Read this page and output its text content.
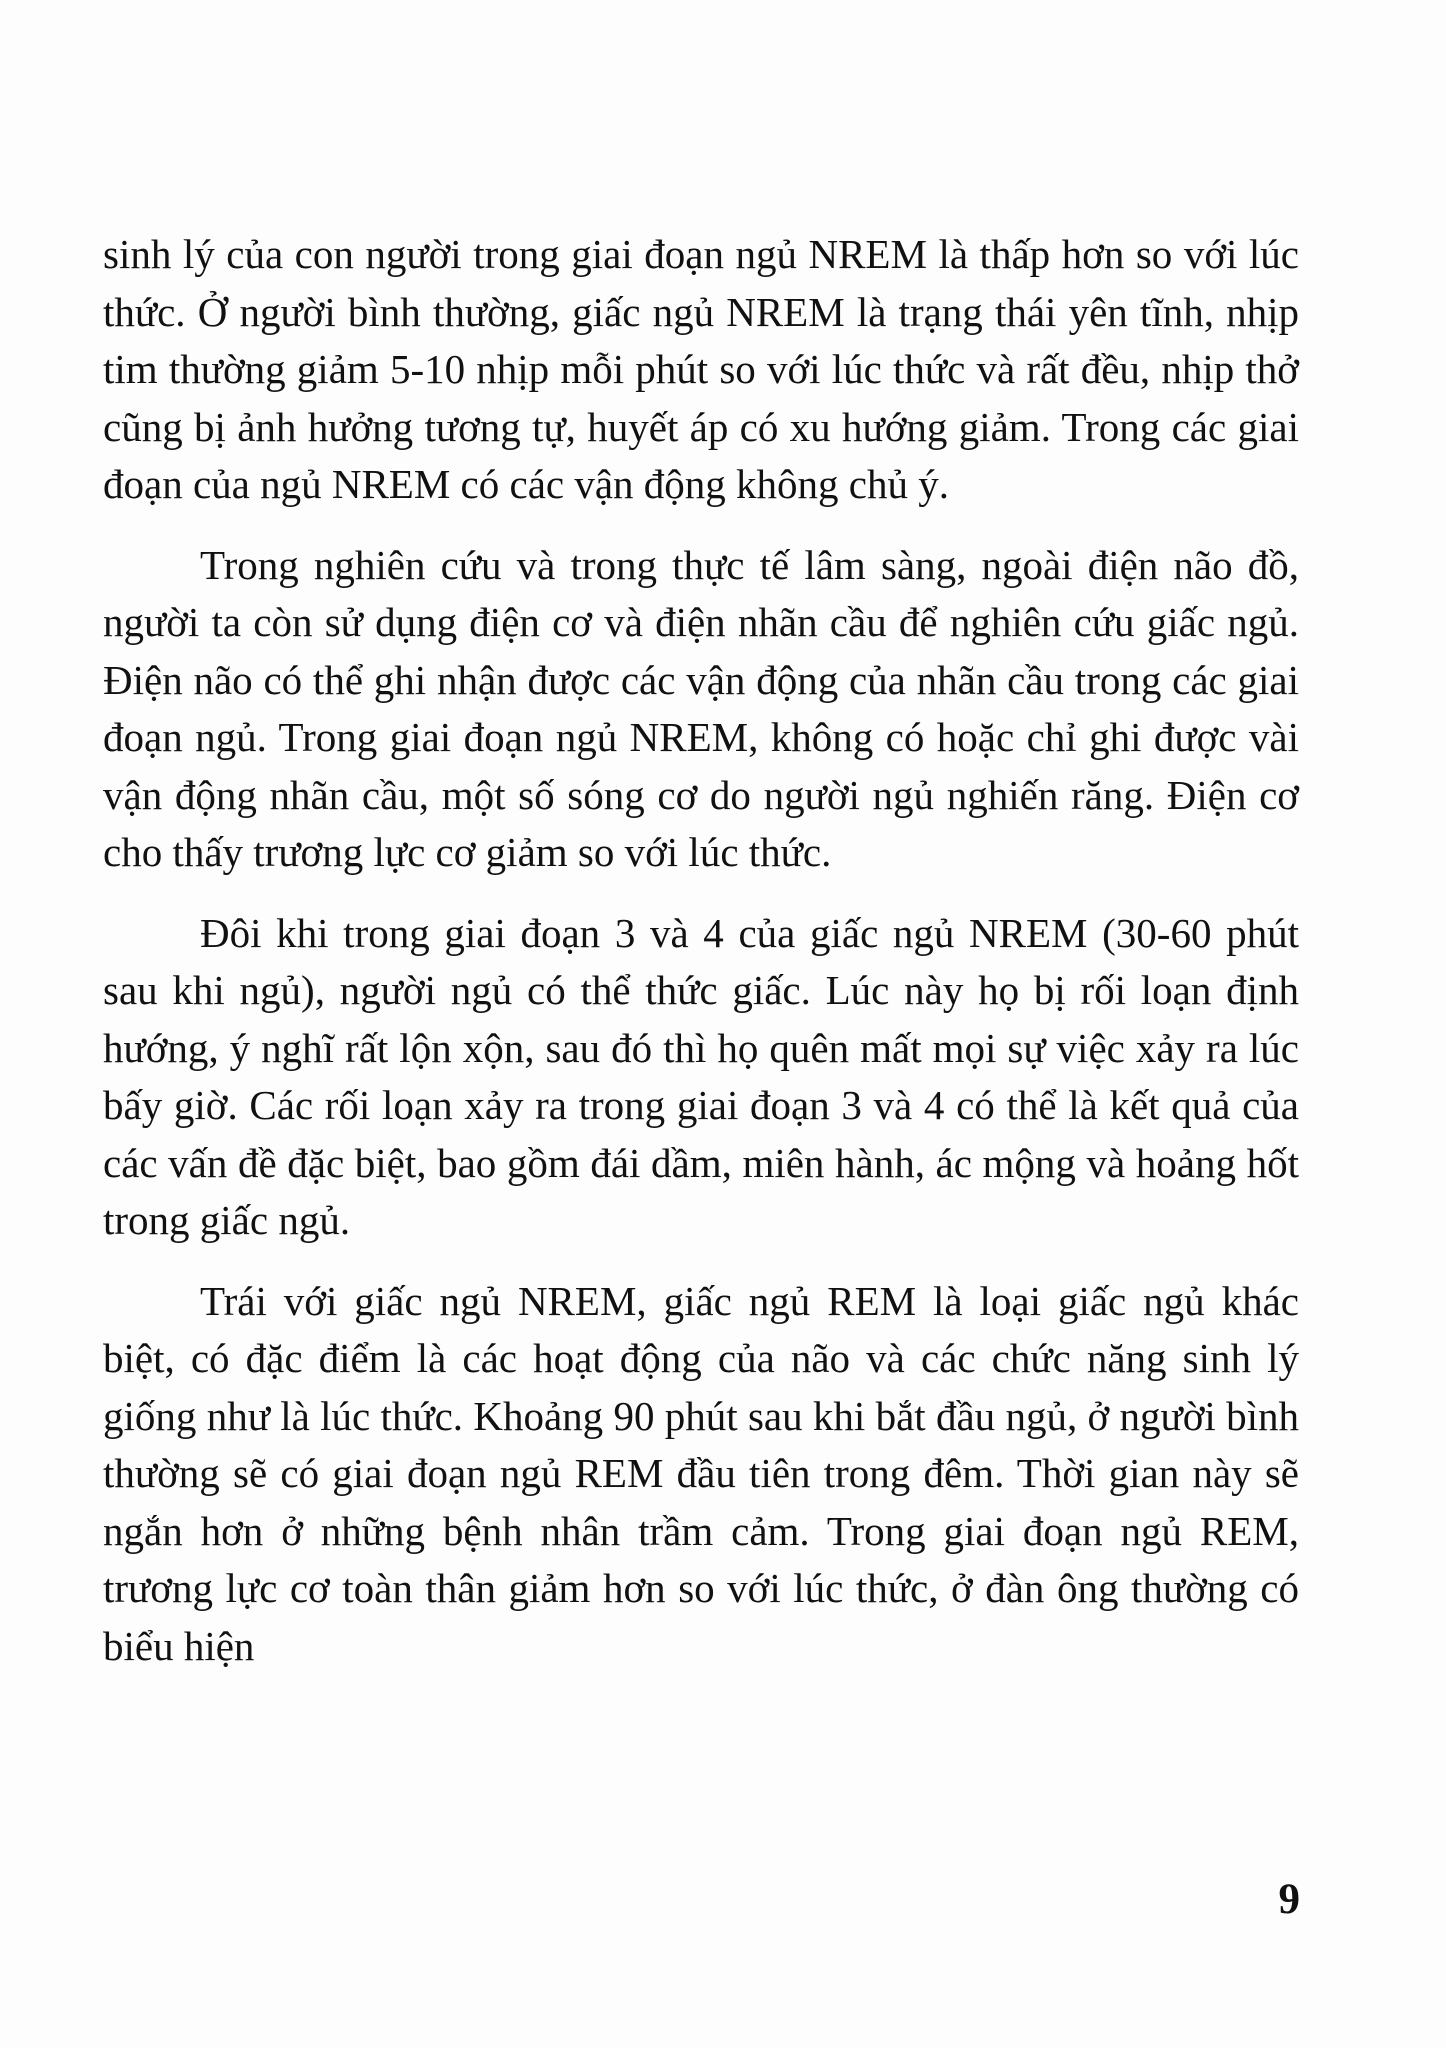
sinh lý của con người trong giai đoạn ngủ NREM là thấp hơn so với lúc thức. Ở người bình thường, giấc ngủ NREM là trạng thái yên tĩnh, nhịp tim thường giảm 5-10 nhịp mỗi phút so với lúc thức và rất đều, nhịp thở cũng bị ảnh hưởng tương tự, huyết áp có xu hướng giảm. Trong các giai đoạn của ngủ NREM có các vận động không chủ ý.

Trong nghiên cứu và trong thực tế lâm sàng, ngoài điện não đồ, người ta còn sử dụng điện cơ và điện nhãn cầu để nghiên cứu giấc ngủ. Điện não có thể ghi nhận được các vận động của nhãn cầu trong các giai đoạn ngủ. Trong giai đoạn ngủ NREM, không có hoặc chỉ ghi được vài vận động nhãn cầu, một số sóng cơ do người ngủ nghiến răng. Điện cơ cho thấy trương lực cơ giảm so với lúc thức.

Đôi khi trong giai đoạn 3 và 4 của giấc ngủ NREM (30-60 phút sau khi ngủ), người ngủ có thể thức giấc. Lúc này họ bị rối loạn định hướng, ý nghĩ rất lộn xộn, sau đó thì họ quên mất mọi sự việc xảy ra lúc bấy giờ. Các rối loạn xảy ra trong giai đoạn 3 và 4 có thể là kết quả của các vấn đề đặc biệt, bao gồm đái dầm, miên hành, ác mộng và hoảng hốt trong giấc ngủ.

Trái với giấc ngủ NREM, giấc ngủ REM là loại giấc ngủ khác biệt, có đặc điểm là các hoạt động của não và các chức năng sinh lý giống như là lúc thức. Khoảng 90 phút sau khi bắt đầu ngủ, ở người bình thường sẽ có giai đoạn ngủ REM đầu tiên trong đêm. Thời gian này sẽ ngắn hơn ở những bệnh nhân trầm cảm. Trong giai đoạn ngủ REM, trương lực cơ toàn thân giảm hơn so với lúc thức, ở đàn ông thường có biểu hiện

9
